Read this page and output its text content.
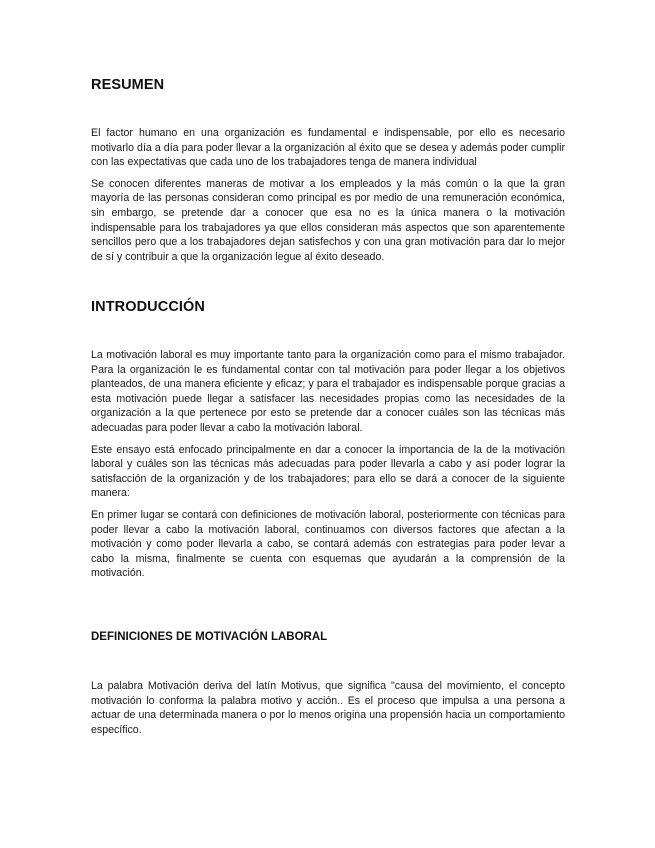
RESUMEN

El factor humano en una organización es fundamental e indispensable, por ello es necesario motivarlo día a día para poder llevar a la organización al éxito que se desea y además poder cumplir con las expectativas que cada uno de los trabajadores tenga de manera individual

Se conocen diferentes maneras de motivar a los empleados y la más común o la que la gran mayoría de las personas consideran como principal es por medio de una remuneración económica, sin embargo, se pretende dar a conocer que esa no es la única manera o la motivación indispensable para los trabajadores ya que ellos consideran más aspectos que son aparentemente sencillos pero que a los trabajadores dejan satisfechos y con una gran motivación para dar lo mejor de sí y contribuir a que la organización legue al éxito deseado.

INTRODUCCIÓN

La motivación laboral es muy importante tanto para la organización como para el mismo trabajador. Para la organización le es fundamental contar con tal motivación para poder llegar a los objetivos planteados, de una manera eficiente y eficaz; y para el trabajador es indispensable porque gracias a esta motivación puede llegar a satisfacer las necesidades propias como las necesidades de la organización a la que pertenece por esto se pretende dar a conocer cuáles son las técnicas más adecuadas para poder llevar a cabo la motivación laboral.

Este ensayo está enfocado principalmente en dar a conocer la importancia de la de la motivación laboral y cuáles son las técnicas más adecuadas para poder llevarla a cabo y así poder lograr la satisfacción de la organización y de los trabajadores; para ello se dará a conocer de la siguiente manera:

En primer lugar se contará con definiciones de motivación laboral, posteriormente con técnicas para poder llevar a cabo la motivación laboral, continuamos con diversos factores que afectan a la motivación y como poder llevarla a cabo, se contará además con estrategias para poder levar a cabo la misma, finalmente se cuenta con esquemas que ayudarán a la comprensión de la motivación.

DEFINICIONES DE MOTIVACIÓN LABORAL

La palabra Motivación deriva del latín Motivus, que significa "causa del movimiento, el concepto motivación lo conforma la palabra motivo y acción.. Es el proceso que impulsa a una persona a actuar de una determinada manera o por lo menos origina una propensión hacia un comportamiento específico.
